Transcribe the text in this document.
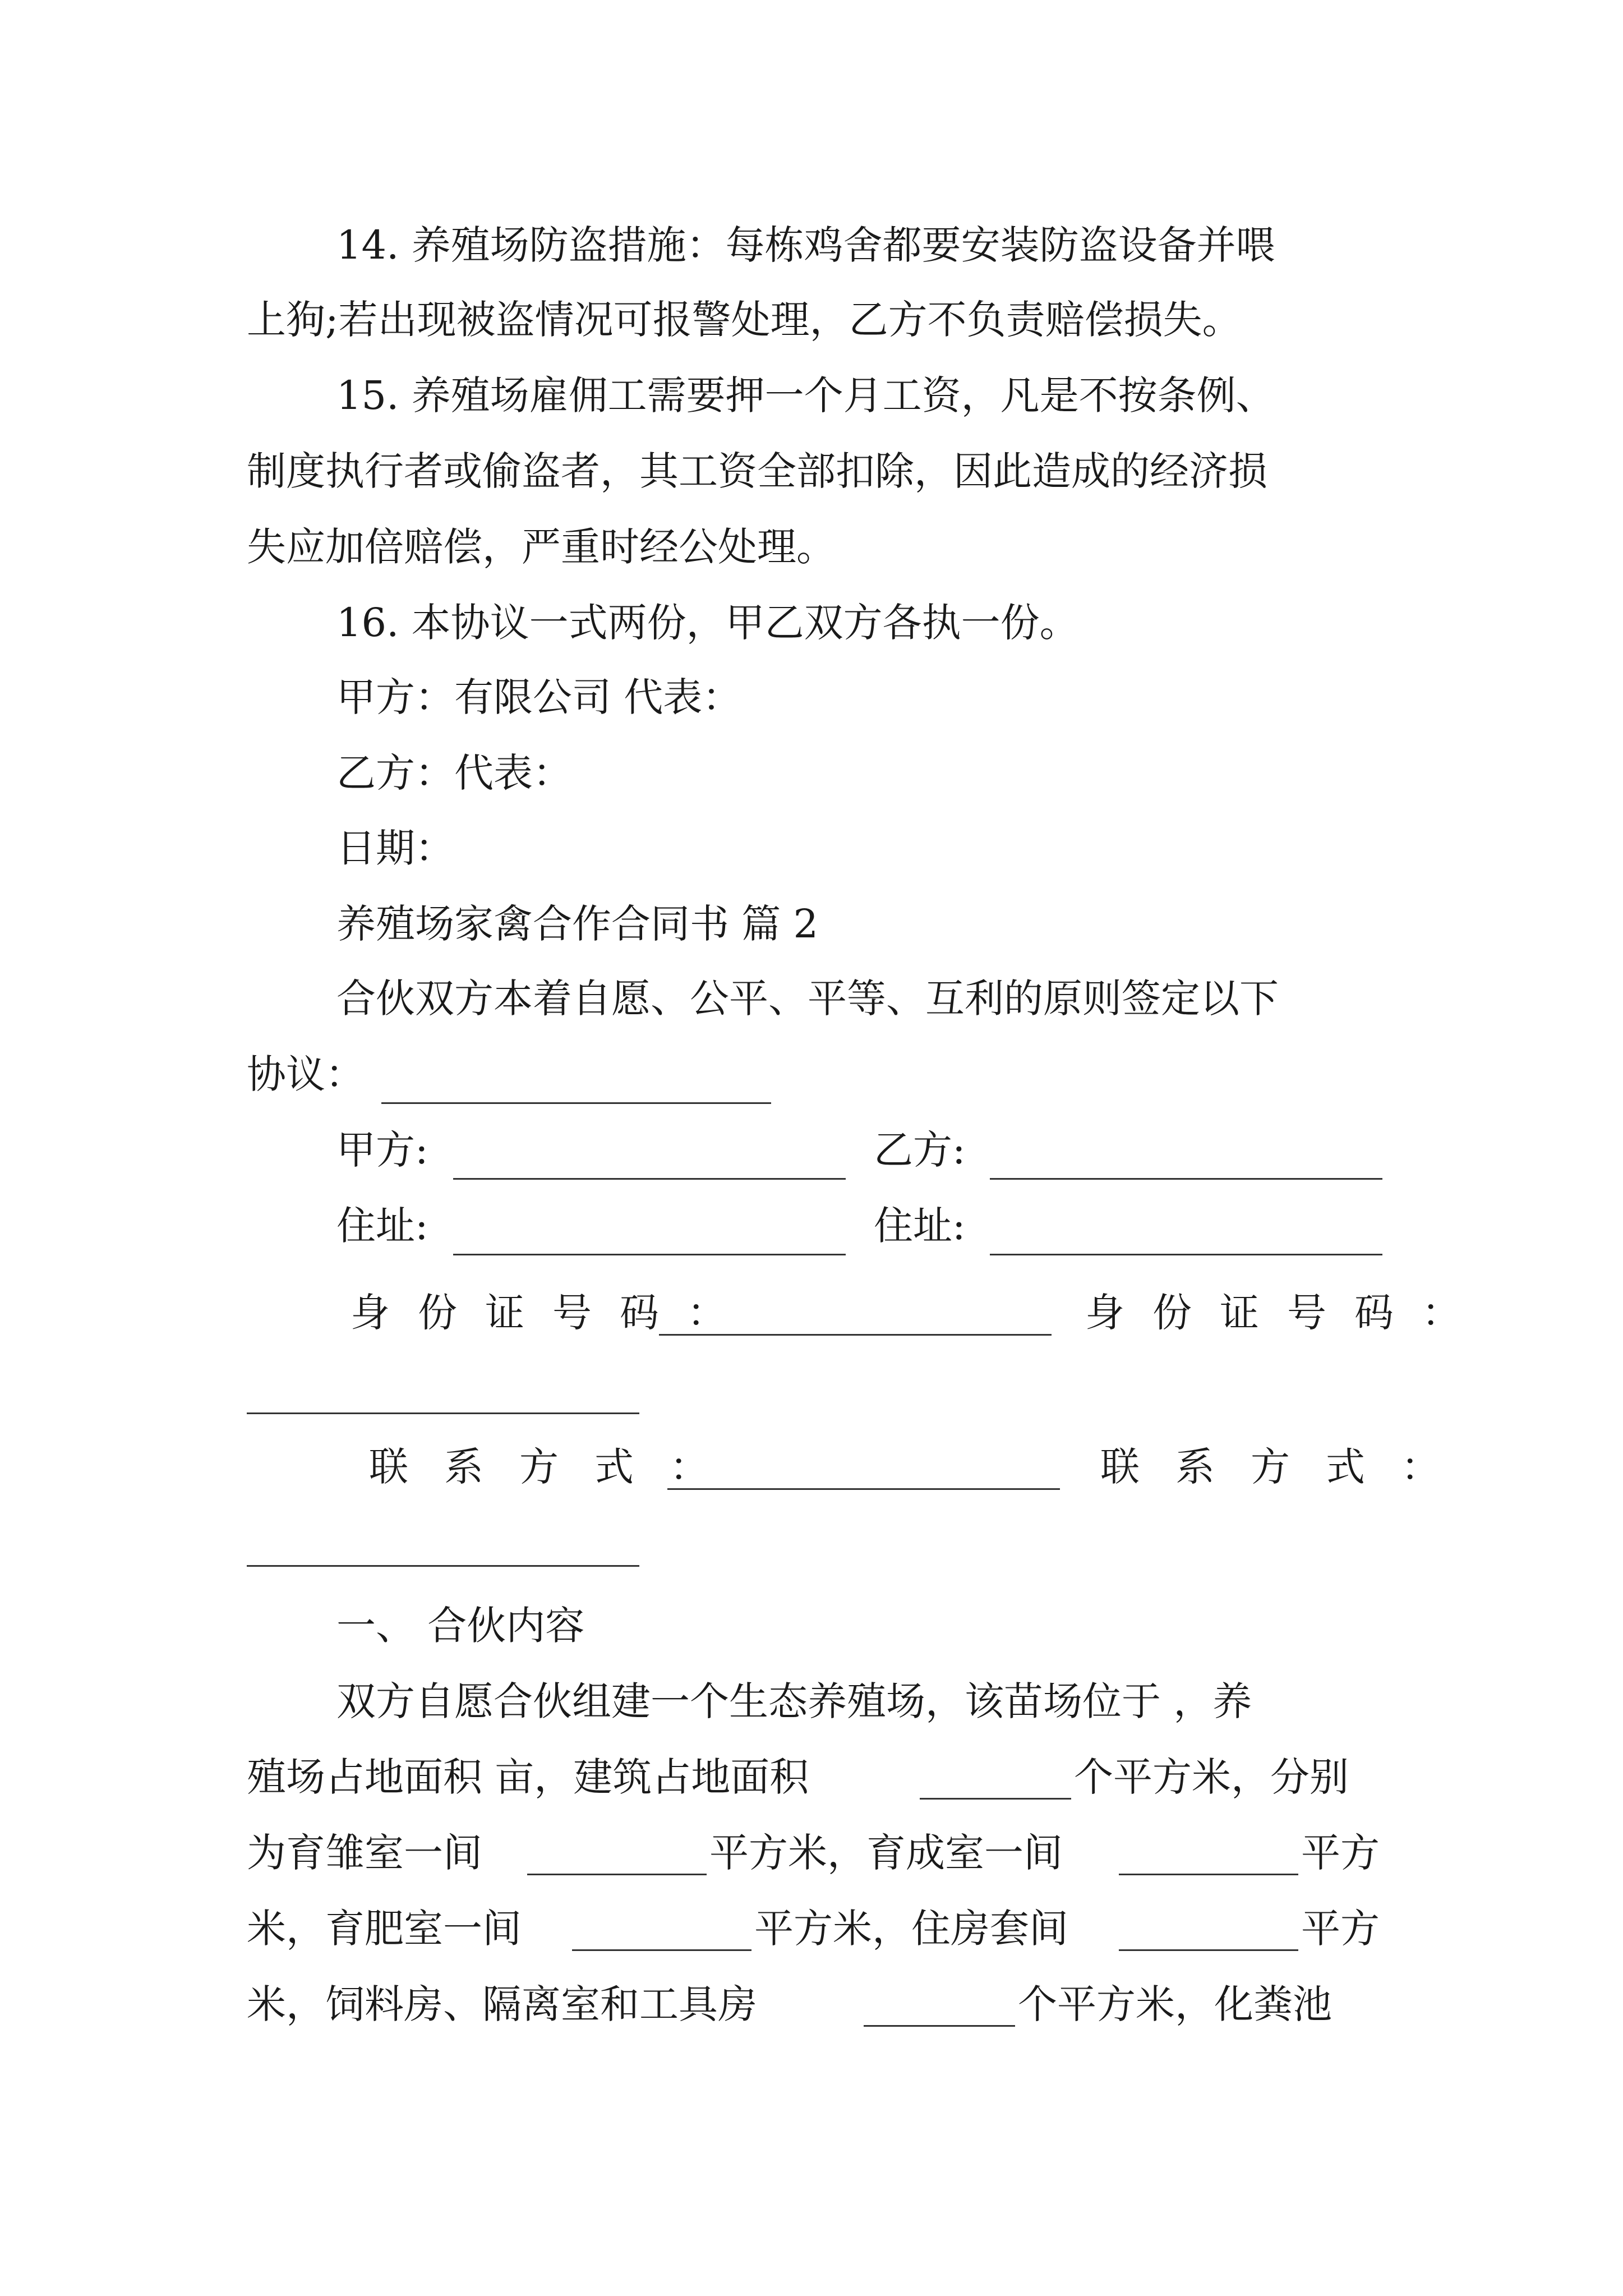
14. 养殖场防盗措施：每栋鸡舍都要安装防盗设备并喂
上狗;若出现被盗情况可报警处理，乙方不负责赔偿损失。
15. 养殖场雇佣工需要押一个月工资，凡是不按条例、
制度执行者或偷盗者，其工资全部扣除，因此造成的经济损
失应加倍赔偿，严重时经公处理。
16. 本协议一式两份，甲乙双方各执一份。
甲方：有限公司 代表：
乙方：代表：
日期：
养殖场家禽合作合同书 篇 2
合伙双方本着自愿、公平、平等、互利的原则签定以下
协议：
甲方:	乙方:
住址:	住址:
身份证号码：	身份证号码：
联系方式：	联系方式：
一、 合伙内容
双方自愿合伙组建一个生态养殖场，该苗场位于 ，养
殖场占地面积 亩，建筑占地面积	个平方米，分别
为育雏室一间	平方米，育成室一间	平方
米，育肥室一间	平方米，住房套间	平方
米，饲料房、隔离室和工具房	个平方米，化粪池
